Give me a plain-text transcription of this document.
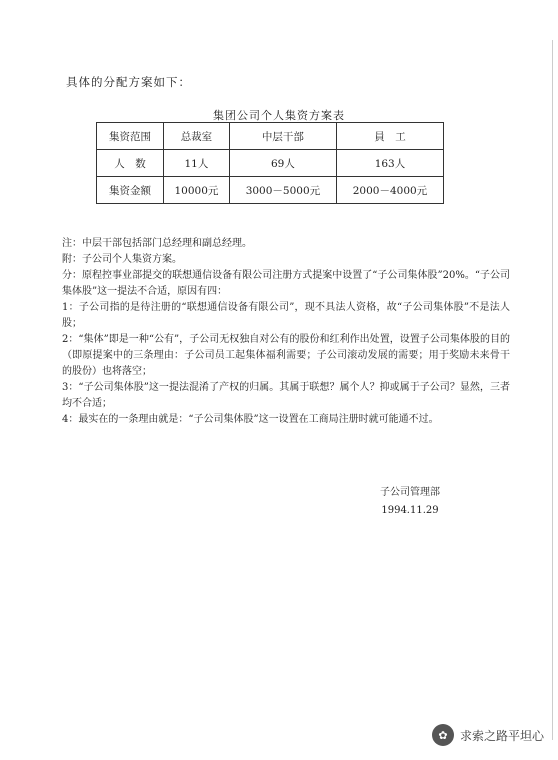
具体的分配方案如下：
集团公司个人集资方案表
集资范围	总裁室	中层干部	員　工
人　数	11人	69人	163人
集资金额	10000元	3000－5000元	2000－4000元

注：中层干部包括部门总经理和副总经理。

附：子公司个人集资方案。

分：原程控事业部提交的联想通信设备有限公司注册方式提案中设置了“子公司集体股”20%。“子公司集体股”这一提法不合适，原因有四：

1：子公司指的是待注册的“联想通信设备有限公司”，现不具法人资格，故“子公司集体股”不是法人股；

2：“集体”即是一种“公有”，子公司无权独自对公有的股份和红利作出处置，设置子公司集体股的目的（即原提案中的三条理由：子公司员工起集体福利需要；子公司滚动发展的需要；用于奖励未来骨干的股份）也将落空；

3：“子公司集体股”这一提法混淆了产权的归属。其属于联想？属个人？抑或属于子公司？显然，三者均不合适；

4：最实在的一条理由就是：“子公司集体股”这一设置在工商局注册时就可能通不过。

子公司管理部
1994.11.29
✿	求索之路平坦心
